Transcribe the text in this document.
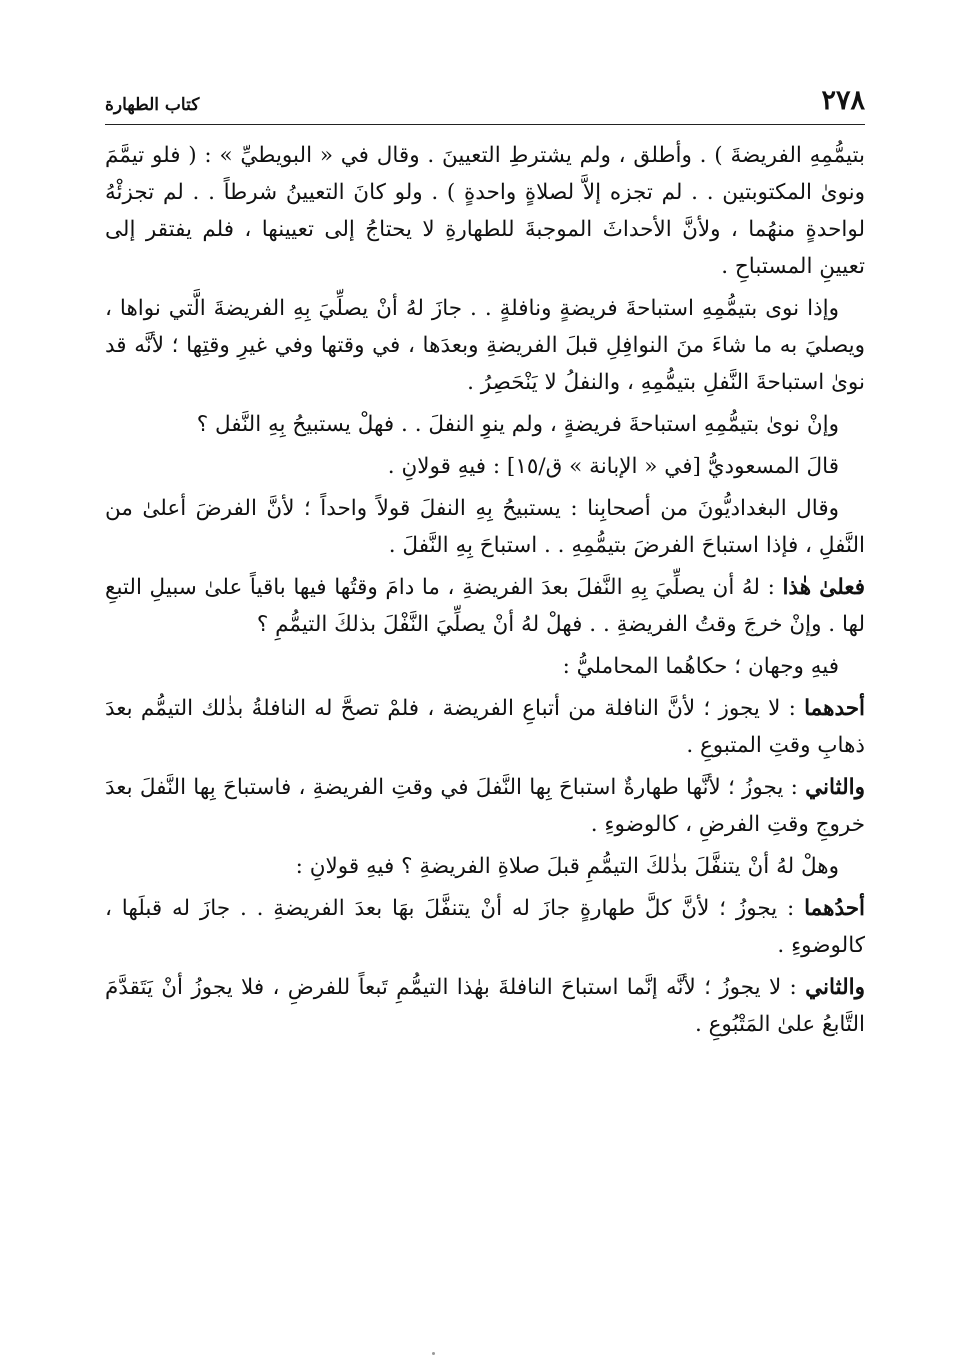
٢٧٨
كتاب الطهارة

بتيمُّمِهِ الفريضةَ ) . وأطلق ، ولم يشترطِ التعيينَ . وقال في « البويطيِّ » : ( فلو تيمَّمَ ونوىٰ المكتوبتين . . لم تجزه إلاَّ لصلاةٍ واحدةٍ ) . ولو كانَ التعيينُ شرطاً . . لم تجزئْهُ لواحدةٍ منهُما ، ولأنَّ الأحداثَ الموجبةَ للطهارةِ لا يحتاجُ إلى تعيينها ، فلم يفتقر إلى تعيينِ المستباحِ .

وإذا نوى بتيمُّمِهِ استباحةَ فريضةٍ ونافلةٍ . . جازَ لهُ أنْ يصلِّيَ بِهِ الفريضةَ الَّتي نواها ، ويصليَ به ما شاءَ منَ النوافِلِ قبلَ الفريضةِ وبعدَها ، في وقتها وفي غيرِ وقتِها ؛ لأنَّه قد نوىٰ استباحةَ النَّفلِ بتيمُّمِهِ ، والنفلُ لا يَنْحَصِرُ .

وإنْ نوىٰ بتيمُّمِهِ استباحةَ فريضةٍ ، ولم ينوِ النفلَ . . فهلْ يستبيحُ بِهِ النَّفل ؟

قالَ المسعوديُّ [في « الإبانة » ق/١٥] : فيهِ قولانِ .

وقال البغداديُّونَ من أصحابِنا : يستبيحُ بِهِ النفلَ قولاً واحداً ؛ لأنَّ الفرضَ أعلىٰ من النَّفلِ ، فإذا استباحَ الفرضَ بتيمُّمِهِ . . استباحَ بِهِ النَّفلَ .

فعلىٰ هٰذا : لهُ أن يصلِّيَ بِهِ النَّفلَ بعدَ الفريضةِ ، ما دامَ وقتُها فيها باقياً علىٰ سبيلِ التبعِ لها . وإنْ خرجَ وقتُ الفريضةِ . . فهلْ لهُ أنْ يصلِّيَ النَّفْلَ بذلكَ التيمُّمِ ؟

فيهِ وجهان ؛ حكاهُما المحامليُّ :

أحدهما : لا يجوز ؛ لأنَّ النافلة من أتباعِ الفريضة ، فلمْ تصحَّ له النافلةُ بذٰلك التيمُّم بعدَ ذهابِ وقتِ المتبوعِ .

والثاني : يجوزُ ؛ لأنَّها طهارةٌ استباحَ بِها النَّفلَ في وقتِ الفريضةِ ، فاستباحَ بِها النَّفلَ بعدَ خروجِ وقتِ الفرضِ ، كالوضوءِ .

وهلْ لهُ أنْ يتنفَّلَ بذٰلكَ التيمُّمِ قبلَ صلاةِ الفريضةِ ؟ فيهِ قولانِ :

أحدُهما : يجوزُ ؛ لأنَّ كلَّ طهارةٍ جازَ له أنْ يتنفَّلَ بهَا بعدَ الفريضةِ . . جازَ له قبلَها ، كالوضوءِ .

والثاني : لا يجوزُ ؛ لأنَّه إنَّما استباحَ النافلةَ بهٰذا التيمُّمِ تَبعاً للفرضِ ، فلا يجوزُ أنْ يَتَقدَّمَ التَّابعُ علىٰ المَتْبُوعِ .
